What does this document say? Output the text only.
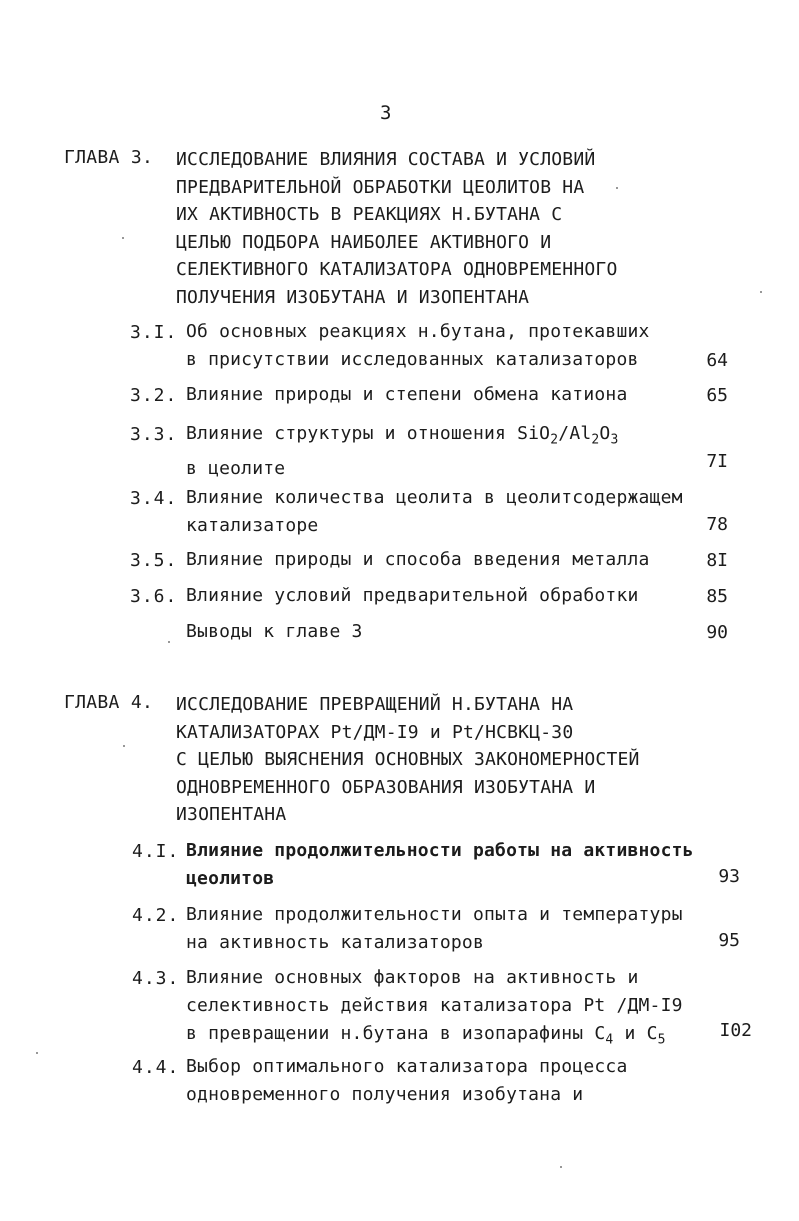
3
ГЛАВА 3. ИССЛЕДОВАНИЕ ВЛИЯНИЯ СОСТАВА И УСЛОВИЙ
ПРЕДВАРИТЕЛЬНОЙ ОБРАБОТКИ ЦЕОЛИТОВ НА
ИХ АКТИВНОСТЬ В РЕАКЦИЯХ Н.БУТАНА С
ЦЕЛЬЮ ПОДБОРА НАИБОЛЕЕ АКТИВНОГО И
СЕЛЕКТИВНОГО КАТАЛИЗАТОРА ОДНОВРЕМЕННОГО
ПОЛУЧЕНИЯ ИЗОБУТАНА И ИЗОПЕНТАНА
3.I. Об основных реакциях н.бутана, протекавших
в присутствии исследованных катализаторов	64
3.2. Влияние природы и степени обмена катиона	65
3.3. Влияние структуры и отношения $SiO_2/Al_2O_3$
в цеолите	7I
3.4. Влияние количества цеолита в цеолитсодержащем
катализаторе	78
3.5. Влияние природы и способа введения металла	8I
3.6. Влияние условий предварительной обработки	85
Выводы к главе 3	90
ГЛАВА 4. ИССЛЕДОВАНИЕ ПРЕВРАЩЕНИЙ Н.БУТАНА НА
КАТАЛИЗАТОРАХ Pt/ДМ-I9 и Pt/НСВКЦ-30
С ЦЕЛЬЮ ВЫЯСНЕНИЯ ОСНОВНЫХ ЗАКОНОМЕРНОСТЕЙ
ОДНОВРЕМЕННОГО ОБРАЗОВАНИЯ ИЗОБУТАНА И
ИЗОПЕНТАНА
4.I. Влияние продолжительности работы на активность
цеолитов	93
4.2. Влияние продолжительности опыта и температуры
на активность катализаторов	95
4.3. Влияние основных факторов на активность и
селективность действия катализатора Pt /ДМ-I9
в превращении н.бутана в изопарафины $C_4$ и $C_5$	I02
4.4. Выбор оптимального катализатора процесса
одновременного получения изобутана и
